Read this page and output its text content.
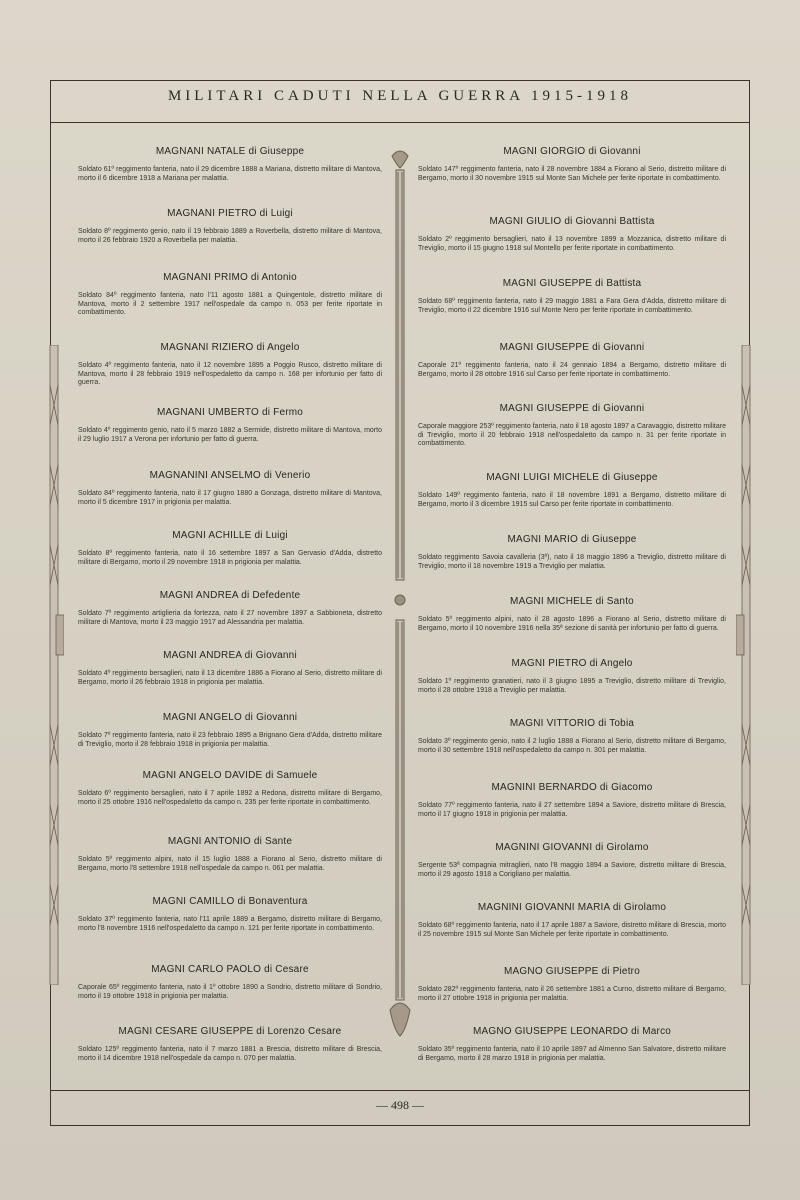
MILITARI CADUTI NELLA GUERRA 1915-1918
MAGNANI NATALE di Giuseppe

Soldato 61º reggimento fanteria, nato il 29 dicembre 1888 a Mariana, distretto militare di Mantova, morto il 6 dicembre 1918 a Mariana per malattia.

MAGNANI PIETRO di Luigi

Soldato 8º reggimento genio, nato il 19 febbraio 1889 a Roverbella, distretto militare di Mantova, morto il 26 febbraio 1920 a Roverbella per malattia.

MAGNANI PRIMO di Antonio

Soldato 84º reggimento fanteria, nato l'11 agosto 1881 a Quingentole, distretto militare di Mantova, morto il 2 settembre 1917 nell'ospedale da campo n. 053 per ferite riportate in combattimento.

MAGNANI RIZIERO di Angelo

Soldato 4º reggimento fanteria, nato il 12 novembre 1895 a Poggio Rusco, distretto militare di Mantova, morto il 28 febbraio 1919 nell'ospedaletto da campo n. 168 per infortunio per fatto di guerra.

MAGNANI UMBERTO di Fermo

Soldato 4º reggimento genio, nato il 5 marzo 1882 a Sermide, distretto militare di Mantova, morto il 29 luglio 1917 a Verona per infortunio per fatto di guerra.

MAGNANINI ANSELMO di Venerio

Soldato 84º reggimento fanteria, nato il 17 giugno 1880 a Gonzaga, distretto militare di Mantova, morto il 5 dicembre 1917 in prigionia per malattia.

MAGNI ACHILLE di Luigi

Soldato 8º reggimento fanteria, nato il 16 settembre 1897 a San Gervasio d'Adda, distretto militare di Bergamo, morto il 29 novembre 1918 in prigionia per malattia.

MAGNI ANDREA di Defedente

Soldato 7º reggimento artiglieria da fortezza, nato il 27 novembre 1897 a Sabbioneta, distretto militare di Mantova, morto il 23 maggio 1917 ad Alessandria per malattia.

MAGNI ANDREA di Giovanni

Soldato 4º reggimento bersaglieri, nato il 13 dicembre 1886 a Fiorano al Serio, distretto militare di Bergamo, morto il 26 febbraio 1918 in prigionia per malattia.

MAGNI ANGELO di Giovanni

Soldato 7º reggimento fanteria, nato il 23 febbraio 1895 a Brignano Gera d'Adda, distretto militare di Treviglio, morto il 28 febbraio 1918 in prigionia per malattia.

MAGNI ANGELO DAVIDE di Samuele

Soldato 6º reggimento bersaglieri, nato il 7 aprile 1892 a Redona, distretto militare di Bergamo, morto il 25 ottobre 1916 nell'ospedaletto da campo n. 235 per ferite riportate in combattimento.

MAGNI ANTONIO di Sante

Soldato 5º reggimento alpini, nato il 15 luglio 1888 a Fiorano al Serio, distretto militare di Bergamo, morto l'8 settembre 1918 nell'ospedale da campo n. 061 per malattia.

MAGNI CAMILLO di Bonaventura

Soldato 37º reggimento fanteria, nato l'11 aprile 1889 a Bergamo, distretto militare di Bergamo, morto l'8 novembre 1916 nell'ospedaletto da campo n. 121 per ferite riportate in combattimento.

MAGNI CARLO PAOLO di Cesare

Caporale 65º reggimento fanteria, nato il 1º ottobre 1890 a Sondrio, distretto militare di Sondrio, morto il 19 ottobre 1918 in prigionia per malattia.

MAGNI CESARE GIUSEPPE di Lorenzo Cesare

Soldato 125º reggimento fanteria, nato il 7 marzo 1881 a Brescia, distretto militare di Brescia, morto il 14 dicembre 1918 nell'ospedale da campo n. 070 per malattia.

MAGNI GIORGIO di Giovanni

Soldato 147º reggimento fanteria, nato il 28 novembre 1884 a Fiorano al Serio, distretto militare di Bergamo, morto il 30 novembre 1915 sul Monte San Michele per ferite riportate in combattimento.

MAGNI GIULIO di Giovanni Battista

Soldato 2º reggimento bersaglieri, nato il 13 novembre 1899 a Mozzanica, distretto militare di Treviglio, morto il 15 giugno 1918 sul Montello per ferite riportate in combattimento.

MAGNI GIUSEPPE di Battista

Soldato 68º reggimento fanteria, nato il 29 maggio 1881 a Fara Gera d'Adda, distretto militare di Treviglio, morto il 22 dicembre 1916 sul Monte Nero per ferite riportate in combattimento.

MAGNI GIUSEPPE di Giovanni

Caporale 21º reggimento fanteria, nato il 24 gennaio 1894 a Bergamo, distretto militare di Bergamo, morto il 28 ottobre 1916 sul Carso per ferite riportate in combattimento.

MAGNI GIUSEPPE di Giovanni

Caporale maggiore 253º reggimento fanteria, nato il 18 agosto 1897 a Caravaggio, distretto militare di Treviglio, morto il 20 febbraio 1918 nell'ospedaletto da campo n. 31 per ferite riportate in combattimento.

MAGNI LUIGI MICHELE di Giuseppe

Soldato 149º reggimento fanteria, nato il 18 novembre 1891 a Bergamo, distretto militare di Bergamo, morto il 3 dicembre 1915 sul Carso per ferite riportate in combattimento.

MAGNI MARIO di Giuseppe

Soldato reggimento Savoia cavalleria (3º), nato il 18 maggio 1896 a Treviglio, distretto militare di Treviglio, morto il 18 novembre 1919 a Treviglio per malattia.

MAGNI MICHELE di Santo

Soldato 5º reggimento alpini, nato il 28 agosto 1896 a Fiorano al Serio, distretto militare di Bergamo, morto il 10 novembre 1916 nella 35ª sezione di sanità per infortunio per fatto di guerra.

MAGNI PIETRO di Angelo

Soldato 1º reggimento granatieri, nato il 3 giugno 1895 a Treviglio, distretto militare di Treviglio, morto il 28 ottobre 1918 a Treviglio per malattia.

MAGNI VITTORIO di Tobia

Soldato 3º reggimento genio, nato il 2 luglio 1888 a Fiorano al Serio, distretto militare di Bergamo, morto il 30 settembre 1918 nell'ospedaletto da campo n. 301 per malattia.

MAGNINI BERNARDO di Giacomo

Soldato 77º reggimento fanteria, nato il 27 settembre 1894 a Saviore, distretto militare di Brescia, morto il 17 giugno 1918 in prigionia per malattia.

MAGNINI GIOVANNI di Girolamo

Sergente 53ª compagnia mitraglieri, nato l'8 maggio 1894 a Saviore, distretto militare di Brescia, morto il 29 agosto 1918 a Corigliano per malattia.

MAGNINI GIOVANNI MARIA di Girolamo

Soldato 68º reggimento fanteria, nato il 17 aprile 1887 a Saviore, distretto militare di Brescia, morto il 25 novembre 1915 sul Monte San Michele per ferite riportate in combattimento.

MAGNO GIUSEPPE di Pietro

Soldato 282º reggimento fanteria, nato il 26 settembre 1881 a Curno, distretto militare di Bergamo, morto il 27 ottobre 1918 in prigionia per malattia.

MAGNO GIUSEPPE LEONARDO di Marco

Soldato 35º reggimento fanteria, nato il 10 aprile 1897 ad Almenno San Salvatore, distretto militare di Bergamo, morto il 28 marzo 1918 in prigionia per malattia.

— 498 —
